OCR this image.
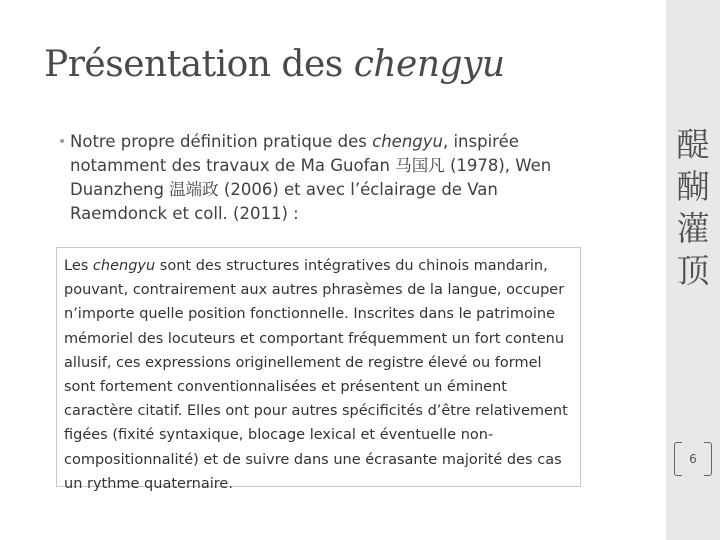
Présentation des chengyu
• Notre propre définition pratique des chengyu, inspirée notamment des travaux de Ma Guofan 马国凡 (1978), Wen Duanzheng 温端政 (2006) et avec l’éclairage de Van Raemdonck et coll. (2011) :
Les chengyu sont des structures intégratives du chinois mandarin, pouvant, contrairement aux autres phrasèmes de la langue, occuper n’importe quelle position fonctionnelle. Inscrites dans le patrimoine mémoriel des locuteurs et comportant fréquemment un fort contenu allusif, ces expressions originellement de registre élevé ou formel sont fortement conventionnalisées et présentent un éminent caractère citatif. Elles ont pour autres spécificités d’être relativement figées (fixité syntaxique, blocage lexical et éventuelle non-compositionnalité) et de suivre dans une écrasante majorité des cas un rythme quaternaire.
醍
醐
灌
顶
6
